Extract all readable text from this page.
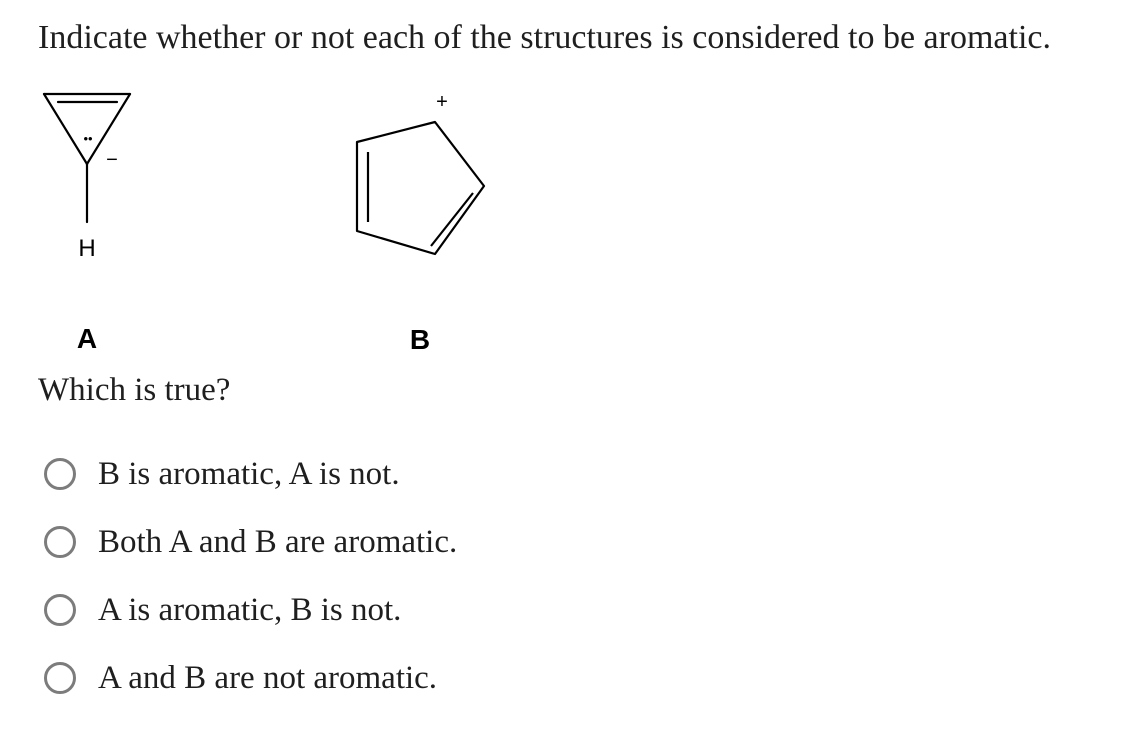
Indicate whether or not each of the structures is considered to be aromatic.
••
−
H
A
+
B

Which is true?

B is aromatic, A is not.
Both A and B are aromatic.
A is aromatic, B is not.
A and B are not aromatic.
